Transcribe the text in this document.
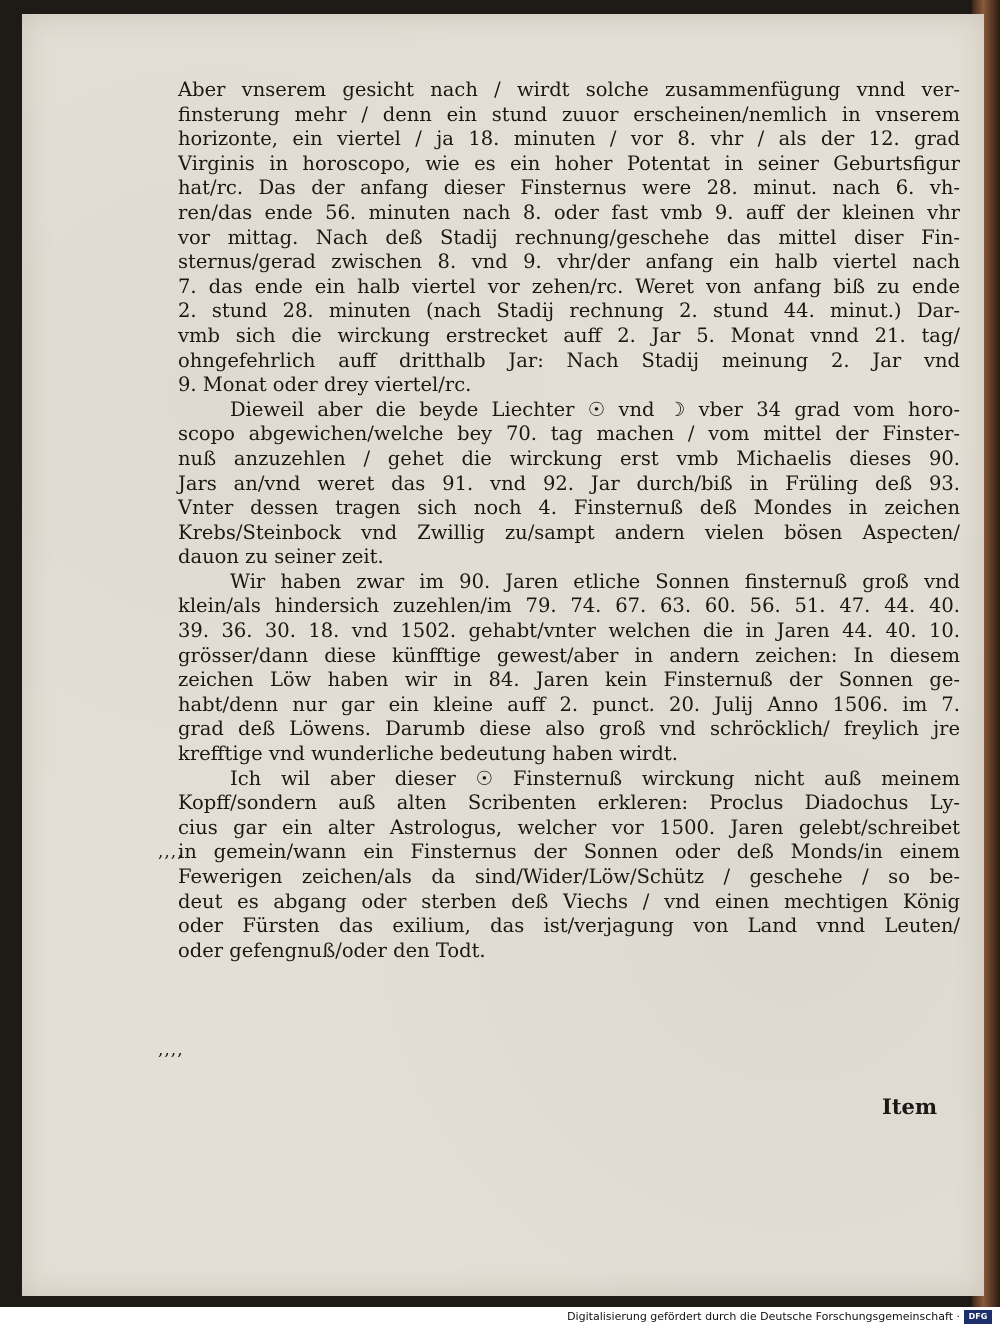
Aber vnserem gesicht nach / wirdt solche zusammenfügung vnnd ver-
finsterung mehr / denn ein stund zuuor erscheinen/nemlich in vnserem
horizonte, ein viertel / ja 18. minuten / vor 8. vhr / als der 12. grad
Virginis in horoscopo, wie es ein hoher Potentat in seiner Geburtsfigur
hat/rc. Das der anfang dieser Finsternus were 28. minut. nach 6. vh-
ren/das ende 56. minuten nach 8. oder fast vmb 9. auff der kleinen vhr
vor mittag. Nach deß Stadij rechnung/geschehe das mittel diser Fin-
sternus/gerad zwischen 8. vnd 9. vhr/der anfang ein halb viertel nach
7. das ende ein halb viertel vor zehen/rc. Weret von anfang biß zu ende
2. stund 28. minuten (nach Stadij rechnung 2. stund 44. minut.) Dar-
vmb sich die wirckung erstrecket auff 2. Jar 5. Monat vnnd 21. tag/
ohngefehrlich auff dritthalb Jar: Nach Stadij meinung 2. Jar vnd
9. Monat oder drey viertel/rc.
Dieweil aber die beyde Liechter ☉ vnd ☽ vber 34 grad vom horo-
scopo abgewichen/welche bey 70. tag machen / vom mittel der Finster-
nuß anzuzehlen / gehet die wirckung erst vmb Michaelis dieses 90.
Jars an/vnd weret das 91. vnd 92. Jar durch/biß in Früling deß 93.
Vnter dessen tragen sich noch 4. Finsternuß deß Mondes in zeichen
Krebs/Steinbock vnd Zwillig zu/sampt andern vielen bösen Aspecten/
dauon zu seiner zeit.
Wir haben zwar im 90. Jaren etliche Sonnen finsternuß groß vnd
klein/als hindersich zuzehlen/im 79. 74. 67. 63. 60. 56. 51. 47. 44. 40.
39. 36. 30. 18. vnd 1502. gehabt/vnter welchen die in Jaren 44. 40. 10.
grösser/dann diese künfftige gewest/aber in andern zeichen: In diesem
zeichen Löw haben wir in 84. Jaren kein Finsternuß der Sonnen ge-
habt/denn nur gar ein kleine auff 2. punct. 20. Julij Anno 1506. im 7.
grad deß Löwens. Darumb diese also groß vnd schröcklich/ freylich jre
krefftige vnd wunderliche bedeutung haben wirdt.
Ich wil aber dieser ☉ Finsternuß wirckung nicht auß meinem
Kopff/sondern auß alten Scribenten erkleren: Proclus Diadochus Ly-
cius gar ein alter Astrologus, welcher vor 1500. Jaren gelebt/schreibet
in gemein/wann ein Finsternus der Sonnen oder deß Monds/in einem
Fewerigen zeichen/als da sind/Wider/Löw/Schütz / geschehe / so be-
deut es abgang oder sterben deß Viechs / vnd einen mechtigen König
oder Fürsten das exilium, das ist/verjagung von Land vnnd Leuten/
oder gefengnuß/oder den Todt.
,,,,
,,,,
Item
Digitalisierung gefördert durch die Deutsche Forschungsgemeinschaft ·	DFG
